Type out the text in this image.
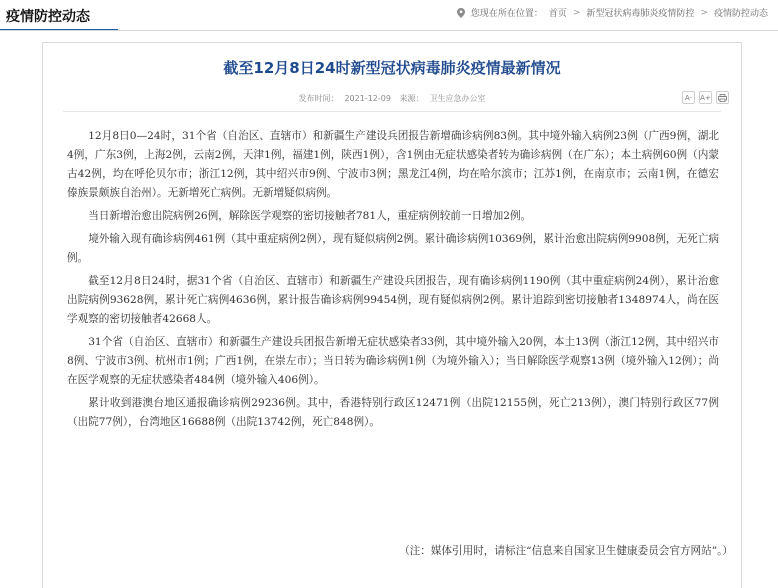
疫情防控动态	您现在所在位置： 首页 > 新型冠状病毒肺炎疫情防控 > 疫情防控动态
截至12月8日24时新型冠状病毒肺炎疫情最新情况
发布时间： 2021-12-09 来源： 卫生应急办公室	A-	A+

12月8日0—24时，31个省（自治区、直辖市）和新疆生产建设兵团报告新增确诊病例83例。其中境外输入病例23例（广西9例，湖北4例，广东3例，上海2例，云南2例，天津1例，福建1例，陕西1例），含1例由无症状感染者转为确诊病例（在广东）；本土病例60例（内蒙古42例，均在呼伦贝尔市；浙江12例，其中绍兴市9例、宁波市3例；黑龙江4例，均在哈尔滨市；江苏1例，在南京市；云南1例，在德宏傣族景颇族自治州）。无新增死亡病例。无新增疑似病例。

当日新增治愈出院病例26例，解除医学观察的密切接触者781人，重症病例较前一日增加2例。

境外输入现有确诊病例461例（其中重症病例2例），现有疑似病例2例。累计确诊病例10369例，累计治愈出院病例9908例，无死亡病例。

截至12月8日24时，据31个省（自治区、直辖市）和新疆生产建设兵团报告，现有确诊病例1190例（其中重症病例24例），累计治愈出院病例93628例，累计死亡病例4636例，累计报告确诊病例99454例，现有疑似病例2例。累计追踪到密切接触者1348974人，尚在医学观察的密切接触者42668人。

31个省（自治区、直辖市）和新疆生产建设兵团报告新增无症状感染者33例，其中境外输入20例，本土13例（浙江12例，其中绍兴市8例、宁波市3例、杭州市1例；广西1例，在崇左市）；当日转为确诊病例1例（为境外输入）；当日解除医学观察13例（境外输入12例）；尚在医学观察的无症状感染者484例（境外输入406例）。

累计收到港澳台地区通报确诊病例29236例。其中，香港特别行政区12471例（出院12155例，死亡213例），澳门特别行政区77例（出院77例），台湾地区16688例（出院13742例，死亡848例）。

（注：媒体引用时，请标注“信息来自国家卫生健康委员会官方网站”。）
